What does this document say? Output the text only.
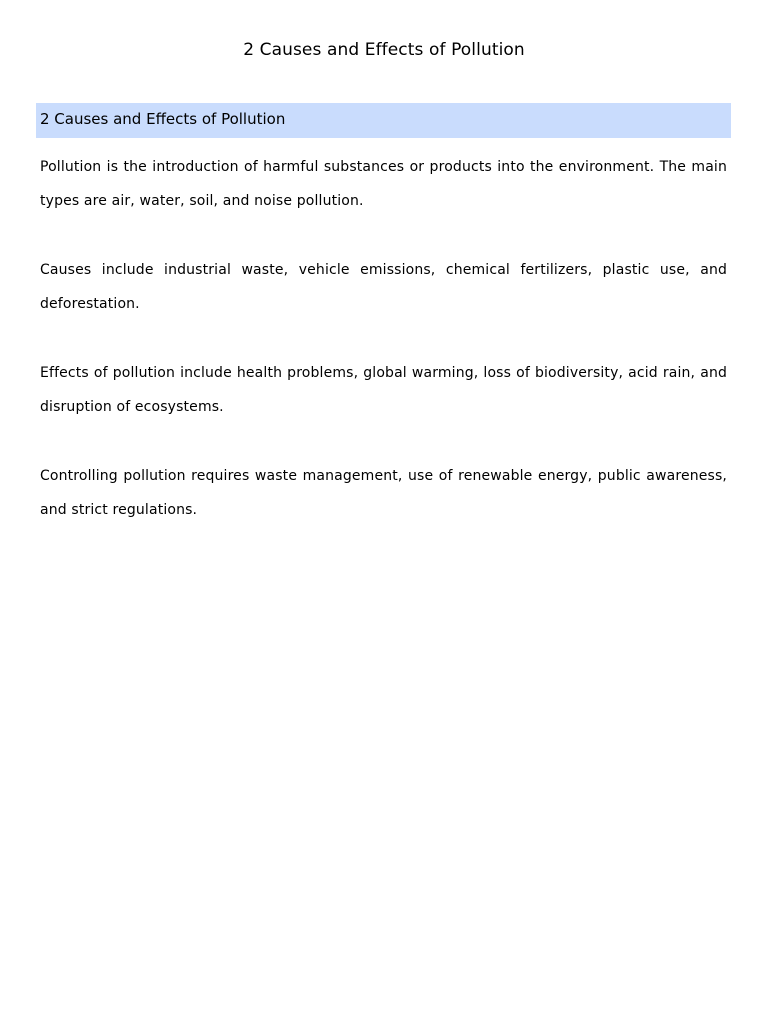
2 Causes and Effects of Pollution
2 Causes and Effects of Pollution

Pollution is the introduction of harmful substances or products into the environment. The main types are air, water, soil, and noise pollution.

Causes include industrial waste, vehicle emissions, chemical fertilizers, plastic use, and deforestation.

Effects of pollution include health problems, global warming, loss of biodiversity, acid rain, and disruption of ecosystems.

Controlling pollution requires waste management, use of renewable energy, public awareness, and strict regulations.
